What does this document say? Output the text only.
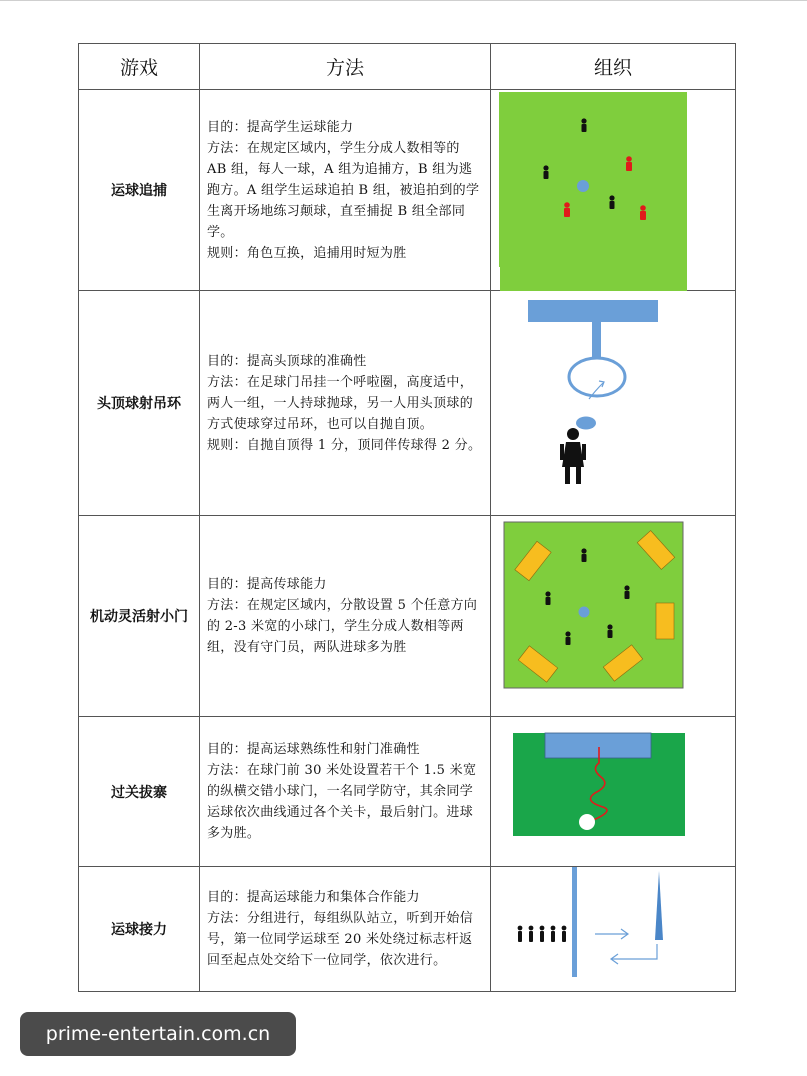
游戏	方法	组织
运球追捕	目的：提高学生运球能力

方法：在规定区域内，学生分成人数相等的 AB 组，每人一球，A 组为追捕方，B 组为逃跑方。A 组学生运球追拍 B 组，被追拍到的学生离开场地练习颠球，直至捕捉 B 组全部同学。

规则：角色互换，追捕用时短为胜

头顶球射吊环	目的：提高头顶球的准确性

方法：在足球门吊挂一个呼啦圈，高度适中，两人一组，一人持球抛球，另一人用头顶球的方式使球穿过吊环，也可以自抛自顶。

规则：自抛自顶得 1 分，顶同伴传球得 2 分。

机动灵活射小门	目的：提高传球能力

方法：在规定区域内，分散设置 5 个任意方向的 2-3 米宽的小球门，学生分成人数相等两组，没有守门员，两队进球多为胜

过关拔寨	目的：提高运球熟练性和射门准确性

方法：在球门前 30 米处设置若干个 1.5 米宽的纵横交错小球门，一名同学防守，其余同学运球依次曲线通过各个关卡，最后射门。进球多为胜。

运球接力	目的：提高运球能力和集体合作能力

方法：分组进行，每组纵队站立，听到开始信号，第一位同学运球至 20 米处绕过标志杆返回至起点处交给下一位同学，依次进行。

prime-entertain.com.cn
